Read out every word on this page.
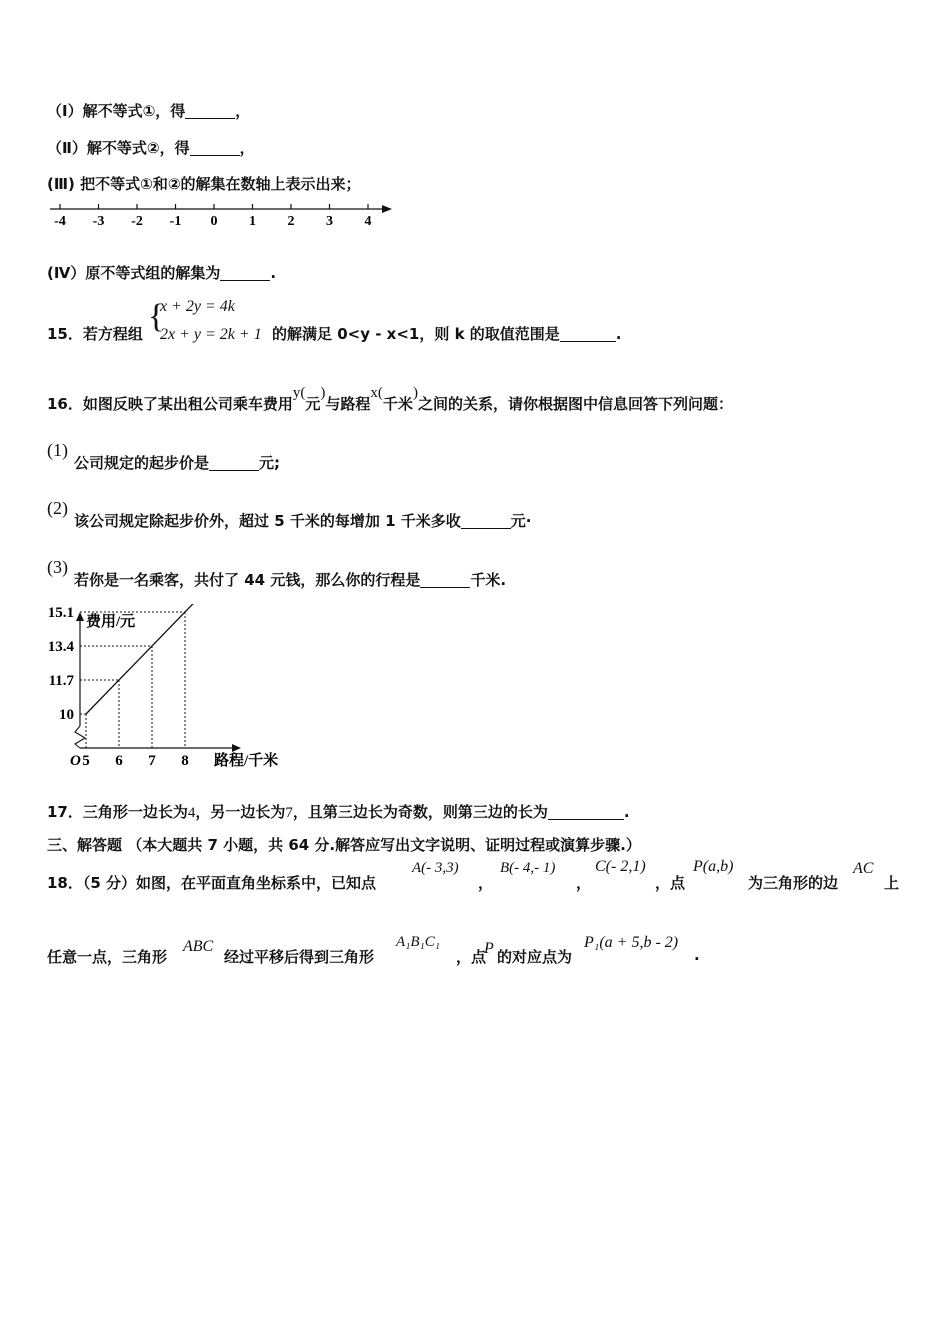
（Ⅰ）解不等式①，得	，
（Ⅱ）解不等式②，得	，
(Ⅲ) 把不等式①和②的解集在数轴上表示出来；
-4 -3 -2 -1 0 1 2 3 4
(Ⅳ）原不等式组的解集为	.
15．若方程组 {
x + 2y = 4k
2x + y = 2k + 1 的解满足 0<y - x<1，则 k 的取值范围是	.
16．如图反映了某出租公司乘车费用y(元)与路程x(千米)之间的关系，请你根据图中信息回答下列问题：
(1)
公司规定的起步价是	元;
(2)
该公司规定除起步价外，超过 5 千米的每增加 1 千米多收	元·
(3)
若你是一名乘客，共付了 44 元钱，那么你的行程是	千米.
O
费用/元
路程/千米
5
10
6
11.7
7
13.4
8
15.1
17．三角形一边长为4，另一边长为7，且第三边长为奇数，则第三边的长为	.
三、解答题 （本大题共 7 小题，共 64 分.解答应写出文字说明、证明过程或演算步骤.）
18．（5 分）如图，在平面直角坐标系中，已知点
A(- 3,3)
，
B(- 4,- 1)
，
C(- 2,1)
，点
P(a,b)
为三角形的边
AC
上
任意一点，三角形
ABC
经过平移后得到三角形
A₁B₁C₁
，点
P 的对应点为
P₁(a + 5,b - 2)
.
